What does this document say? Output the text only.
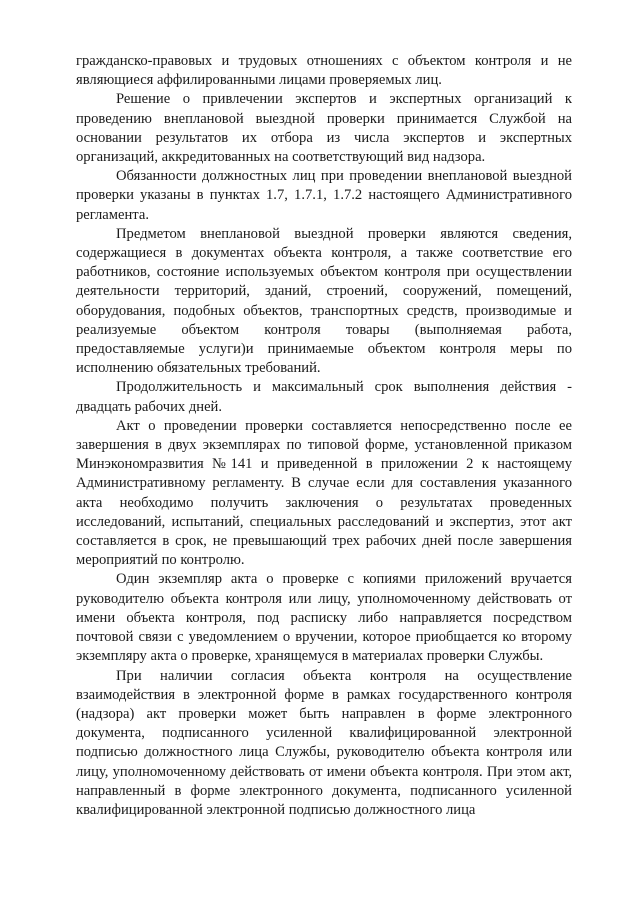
гражданско-правовых и трудовых отношениях с объектом контроля и не являющиеся аффилированными лицами проверяемых лиц.

Решение о привлечении экспертов и экспертных организаций к проведению внеплановой выездной проверки принимается Службой на основании результатов их отбора из числа экспертов и экспертных организаций, аккредитованных на соответствующий вид надзора.

Обязанности должностных лиц при проведении внеплановой выездной проверки указаны в пунктах 1.7, 1.7.1, 1.7.2 настоящего Административного регламента.

Предметом внеплановой выездной проверки являются сведения, содержащиеся в документах объекта контроля, а также соответствие его работников, состояние используемых объектом контроля при осуществлении деятельности территорий, зданий, строений, сооружений, помещений, оборудования, подобных объектов, транспортных средств, производимые и реализуемые объектом контроля товары (выполняемая работа, предоставляемые услуги)и принимаемые объектом контроля меры по исполнению обязательных требований.

Продолжительность и максимальный срок выполнения действия - двадцать рабочих дней.

Акт о проведении проверки составляется непосредственно после ее завершения в двух экземплярах по типовой форме, установленной приказом Минэкономразвития №141 и приведенной в приложении 2 к настоящему Административному регламенту. В случае если для составления указанного акта необходимо получить заключения о результатах проведенных исследований, испытаний, специальных расследований и экспертиз, этот акт составляется в срок, не превышающий трех рабочих дней после завершения мероприятий по контролю.

Один экземпляр акта о проверке с копиями приложений вручается руководителю объекта контроля или лицу, уполномоченному действовать от имени объекта контроля, под расписку либо направляется посредством почтовой связи с уведомлением о вручении, которое приобщается ко второму экземпляру акта о проверке, хранящемуся в материалах проверки Службы.

При наличии согласия объекта контроля на осуществление взаимодействия в электронной форме в рамках государственного контроля (надзора) акт проверки может быть направлен в форме электронного документа, подписанного усиленной квалифицированной электронной подписью должностного лица Службы, руководителю объекта контроля или лицу, уполномоченному действовать от имени объекта контроля. При этом акт, направленный в форме электронного документа, подписанного усиленной квалифицированной электронной подписью должностного лица
